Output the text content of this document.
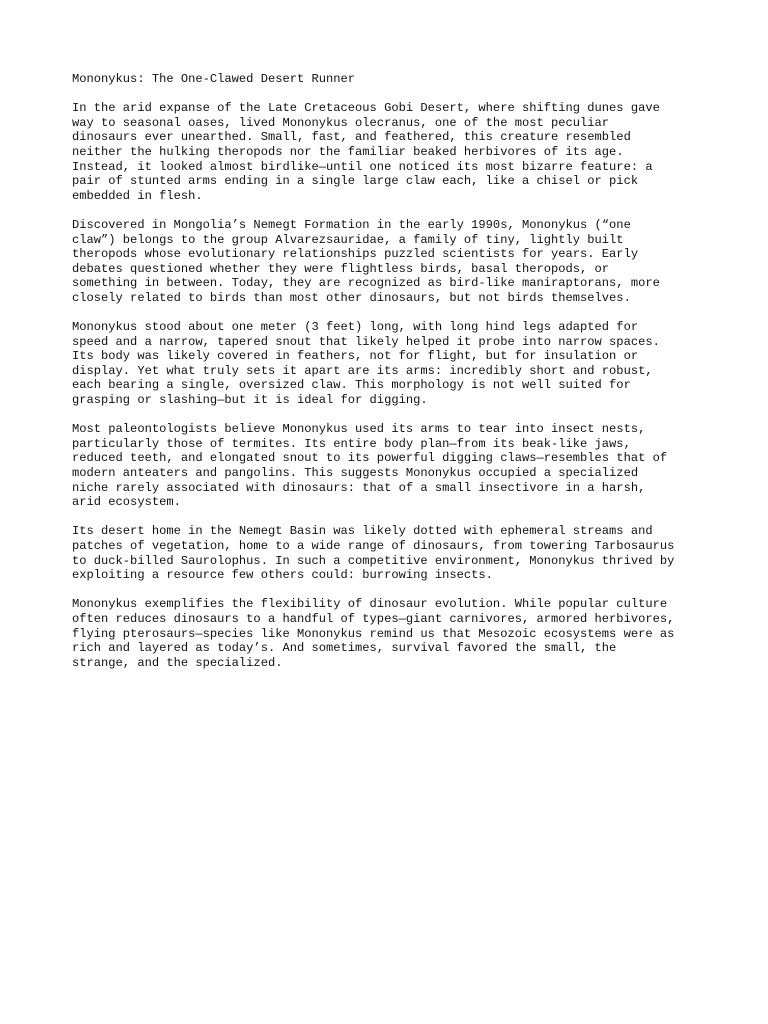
Mononykus: The One-Clawed Desert Runner
In the arid expanse of the Late Cretaceous Gobi Desert, where shifting dunes gave
way to seasonal oases, lived Mononykus olecranus, one of the most peculiar
dinosaurs ever unearthed. Small, fast, and feathered, this creature resembled
neither the hulking theropods nor the familiar beaked herbivores of its age.
Instead, it looked almost birdlike—until one noticed its most bizarre feature: a
pair of stunted arms ending in a single large claw each, like a chisel or pick
embedded in flesh.
Discovered in Mongolia’s Nemegt Formation in the early 1990s, Mononykus (“one
claw”) belongs to the group Alvarezsauridae, a family of tiny, lightly built
theropods whose evolutionary relationships puzzled scientists for years. Early
debates questioned whether they were flightless birds, basal theropods, or
something in between. Today, they are recognized as bird-like maniraptorans, more
closely related to birds than most other dinosaurs, but not birds themselves.
Mononykus stood about one meter (3 feet) long, with long hind legs adapted for
speed and a narrow, tapered snout that likely helped it probe into narrow spaces.
Its body was likely covered in feathers, not for flight, but for insulation or
display. Yet what truly sets it apart are its arms: incredibly short and robust,
each bearing a single, oversized claw. This morphology is not well suited for
grasping or slashing—but it is ideal for digging.
Most paleontologists believe Mononykus used its arms to tear into insect nests,
particularly those of termites. Its entire body plan—from its beak-like jaws,
reduced teeth, and elongated snout to its powerful digging claws—resembles that of
modern anteaters and pangolins. This suggests Mononykus occupied a specialized
niche rarely associated with dinosaurs: that of a small insectivore in a harsh,
arid ecosystem.
Its desert home in the Nemegt Basin was likely dotted with ephemeral streams and
patches of vegetation, home to a wide range of dinosaurs, from towering Tarbosaurus
to duck-billed Saurolophus. In such a competitive environment, Mononykus thrived by
exploiting a resource few others could: burrowing insects.
Mononykus exemplifies the flexibility of dinosaur evolution. While popular culture
often reduces dinosaurs to a handful of types—giant carnivores, armored herbivores,
flying pterosaurs—species like Mononykus remind us that Mesozoic ecosystems were as
rich and layered as today’s. And sometimes, survival favored the small, the
strange, and the specialized.
